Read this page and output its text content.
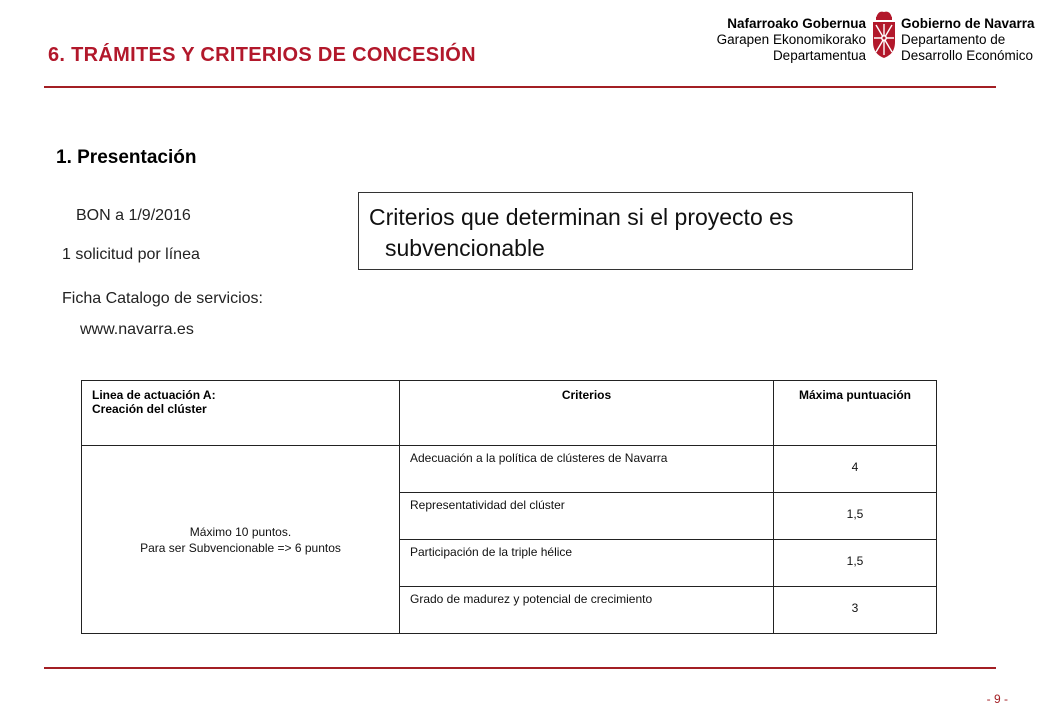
6. TRÁMITES Y CRITERIOS DE CONCESIÓN
Nafarroako Gobernua
Garapen Ekonomikorako
Departamentua
Gobierno de Navarra
Departamento de
Desarrollo Económico
1. Presentación
BON a 1/9/2016
1 solicitud por línea
Ficha Catalogo de servicios:
www.navarra.es
Criterios que determinan si el proyecto es
subvencionable
Linea de actuación A:
Creación del clúster	Criterios	Máxima puntuación

Máximo 10 puntos.
Para ser Subvencionable => 6 puntos	Adecuación a la política de clústeres de Navarra	4

	Representatividad del clúster	1,5

	Participación de la triple hélice	1,5

	Grado de madurez y potencial de crecimiento	3
- 9 -
